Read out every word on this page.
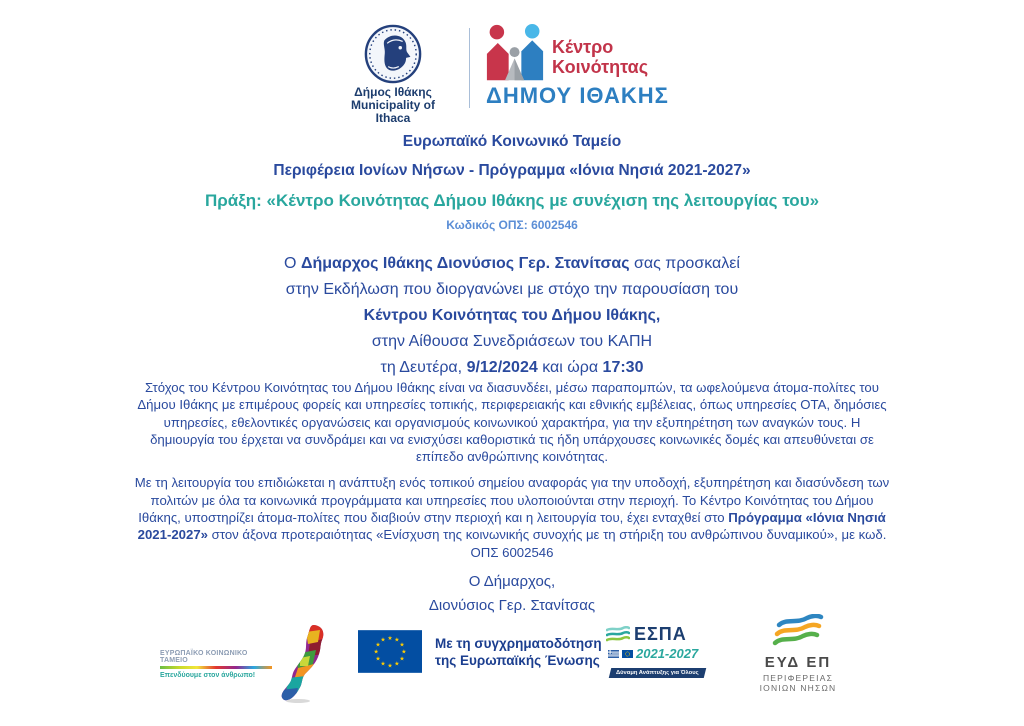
Δήμος Ιθάκης
Municipality of Ithaca
Κέντρο
Κοινότητας
ΔΗΜΟΥ ΙΘΑΚΗΣ
Ευρωπαϊκό Κοινωνικό Ταμείο
Περιφέρεια Ιονίων Νήσων - Πρόγραμμα «Ιόνια Νησιά 2021-2027»
Πράξη: «Κέντρο Κοινότητας Δήμου Ιθάκης με συνέχιση της λειτουργίας του»
Κωδικός ΟΠΣ: 6002546
Ο Δήμαρχος Ιθάκης Διονύσιος Γερ. Στανίτσας σας προσκαλεί
στην Εκδήλωση που διοργανώνει με στόχο την παρουσίαση του
Κέντρου Κοινότητας του Δήμου Ιθάκης,
στην Αίθουσα Συνεδριάσεων του ΚΑΠΗ
τη Δευτέρα, 9/12/2024 και ώρα 17:30

Στόχος του Κέντρου Κοινότητας του Δήμου Ιθάκης είναι να διασυνδέει, μέσω παραπομπών, τα ωφελούμενα άτομα-πολίτες του Δήμου Ιθάκης με επιμέρους φορείς και υπηρεσίες τοπικής, περιφερειακής και εθνικής εμβέλειας, όπως υπηρεσίες ΟΤΑ, δημόσιες υπηρεσίες, εθελοντικές οργανώσεις και οργανισμούς κοινωνικού χαρακτήρα, για την εξυπηρέτηση των αναγκών τους. Η δημιουργία του έρχεται να συνδράμει και να ενισχύσει καθοριστικά τις ήδη υπάρχουσες κοινωνικές δομές και απευθύνεται σε επίπεδο ανθρώπινης κοινότητας.

Με τη λειτουργία του επιδιώκεται η ανάπτυξη ενός τοπικού σημείου αναφοράς για την υποδοχή, εξυπηρέτηση και διασύνδεση των πολιτών με όλα τα κοινωνικά προγράμματα και υπηρεσίες που υλοποιούνται στην περιοχή. Το Κέντρο Κοινότητας του Δήμου Ιθάκης, υποστηρίζει άτομα-πολίτες που διαβιούν στην περιοχή και η λειτουργία του, έχει ενταχθεί στο Πρόγραμμα «Ιόνια Νησιά 2021-2027» στον άξονα προτεραιότητας «Ενίσχυση της κοινωνικής συνοχής με τη στήριξη του ανθρώπινου δυναμικού», με κωδ. ΟΠΣ 6002546

Ο Δήμαρχος,
Διονύσιος Γερ. Στανίτσας
ΕΥΡΩΠΑΪΚΟ ΚΟΙΝΩΝΙΚΟ ΤΑΜΕΙΟ
Επενδύουμε στον άνθρωπο!
★ ★
★
★
★
★
★
★
★
★
★
★	Με τη συγχρηματοδότηση
της Ευρωπαϊκής Ένωσης
ΕΣΠΑ
2021-2027
Δύναμη Ανάπτυξης για Όλους
ΕΥΔ ΕΠ
ΠΕΡΙΦΕΡΕΙΑΣ
ΙΟΝΙΩΝ ΝΗΣΩΝ
